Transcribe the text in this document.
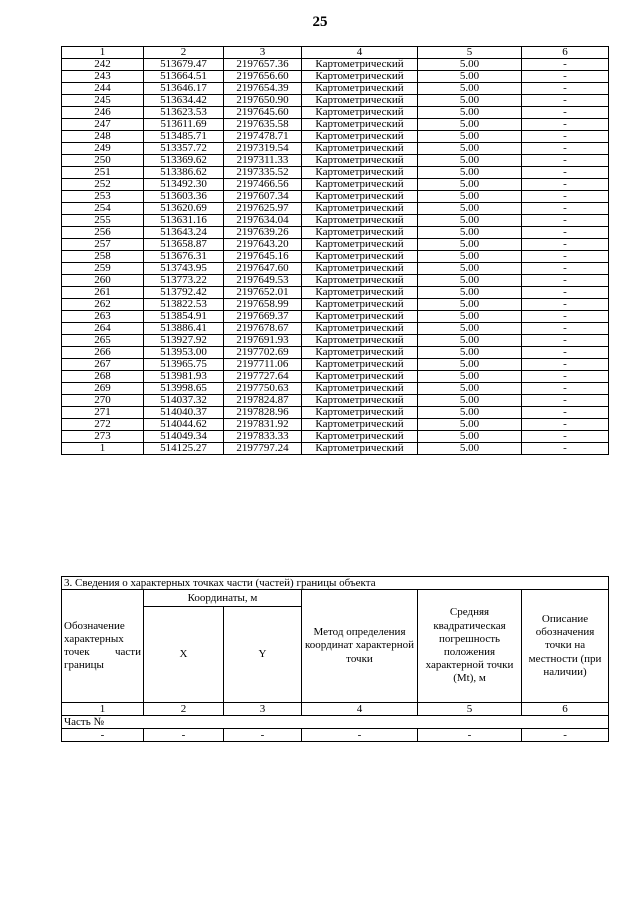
25
1	2	3	4	5	6
242	513679.47	2197657.36	Картометрический	5.00	-
243	513664.51	2197656.60	Картометрический	5.00	-
244	513646.17	2197654.39	Картометрический	5.00	-
245	513634.42	2197650.90	Картометрический	5.00	-
246	513623.53	2197645.60	Картометрический	5.00	-
247	513611.69	2197635.58	Картометрический	5.00	-
248	513485.71	2197478.71	Картометрический	5.00	-
249	513357.72	2197319.54	Картометрический	5.00	-
250	513369.62	2197311.33	Картометрический	5.00	-
251	513386.62	2197335.52	Картометрический	5.00	-
252	513492.30	2197466.56	Картометрический	5.00	-
253	513603.36	2197607.34	Картометрический	5.00	-
254	513620.69	2197625.97	Картометрический	5.00	-
255	513631.16	2197634.04	Картометрический	5.00	-
256	513643.24	2197639.26	Картометрический	5.00	-
257	513658.87	2197643.20	Картометрический	5.00	-
258	513676.31	2197645.16	Картометрический	5.00	-
259	513743.95	2197647.60	Картометрический	5.00	-
260	513773.22	2197649.53	Картометрический	5.00	-
261	513792.42	2197652.01	Картометрический	5.00	-
262	513822.53	2197658.99	Картометрический	5.00	-
263	513854.91	2197669.37	Картометрический	5.00	-
264	513886.41	2197678.67	Картометрический	5.00	-
265	513927.92	2197691.93	Картометрический	5.00	-
266	513953.00	2197702.69	Картометрический	5.00	-
267	513965.75	2197711.06	Картометрический	5.00	-
268	513981.93	2197727.64	Картометрический	5.00	-
269	513998.65	2197750.63	Картометрический	5.00	-
270	514037.32	2197824.87	Картометрический	5.00	-
271	514040.37	2197828.96	Картометрический	5.00	-
272	514044.62	2197831.92	Картометрический	5.00	-
273	514049.34	2197833.33	Картометрический	5.00	-
1	514125.27	2197797.24	Картометрический	5.00	-
3. Сведения о характерных точках части (частей) границы объекта					
Обозначение характерных точек части границы	Координаты, м		Метод определения координат характерной точки	Средняя квадратическая погрешность положения характерной точки (Mt), м	Описание обозначения точки на местности (при наличии)
	X	Y			
1	2	3	4	5	6
Часть №					
-	-	-	-	-	-
